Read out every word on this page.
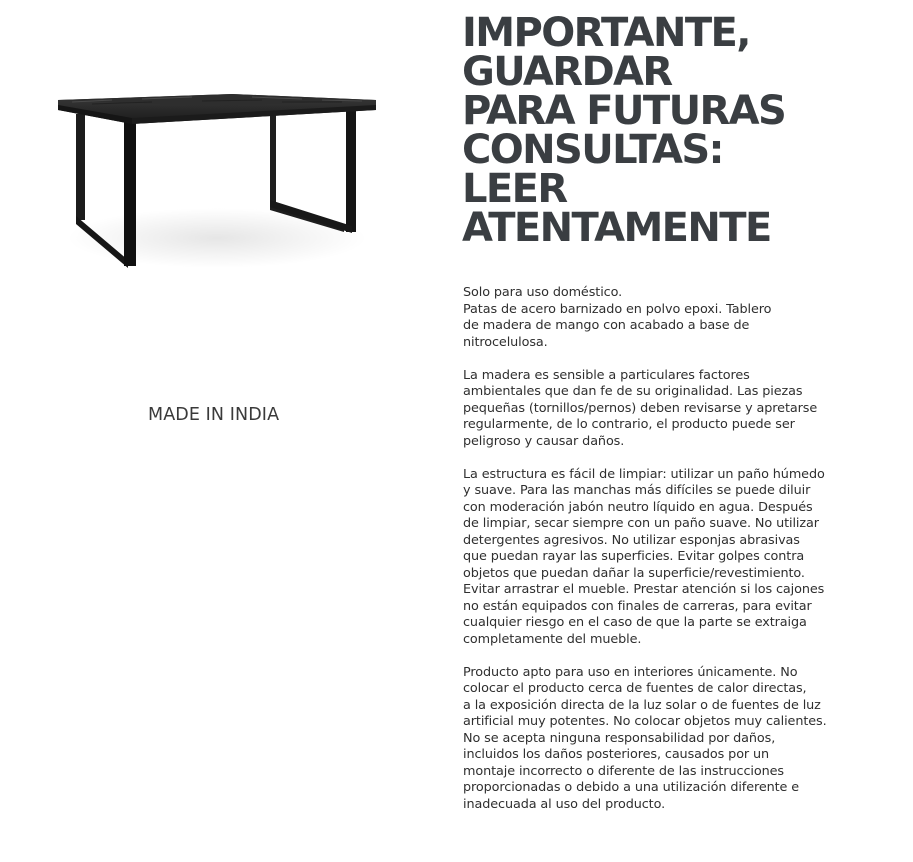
MADE IN INDIA
IMPORTANTE,
GUARDAR
PARA FUTURAS
CONSULTAS:
LEER
ATENTAMENTE

Solo para uso doméstico.
Patas de acero barnizado en polvo epoxi. Tablero
de madera de mango con acabado a base de
nitrocelulosa.

La madera es sensible a particulares factores
ambientales que dan fe de su originalidad. Las piezas
pequeñas (tornillos/pernos) deben revisarse y apretarse
regularmente, de lo contrario, el producto puede ser
peligroso y causar daños.

La estructura es fácil de limpiar: utilizar un paño húmedo
y suave. Para las manchas más difíciles se puede diluir
con moderación jabón neutro líquido en agua. Después
de limpiar, secar siempre con un paño suave. No utilizar
detergentes agresivos. No utilizar esponjas abrasivas
que puedan rayar las superficies. Evitar golpes contra
objetos que puedan dañar la superficie/revestimiento.
Evitar arrastrar el mueble. Prestar atención si los cajones
no están equipados con finales de carreras, para evitar
cualquier riesgo en el caso de que la parte se extraiga
completamente del mueble.

Producto apto para uso en interiores únicamente. No
colocar el producto cerca de fuentes de calor directas,
a la exposición directa de la luz solar o de fuentes de luz
artificial muy potentes. No colocar objetos muy calientes.
No se acepta ninguna responsabilidad por daños,
incluidos los daños posteriores, causados por un
montaje incorrecto o diferente de las instrucciones
proporcionadas o debido a una utilización diferente e
inadecuada al uso del producto.
